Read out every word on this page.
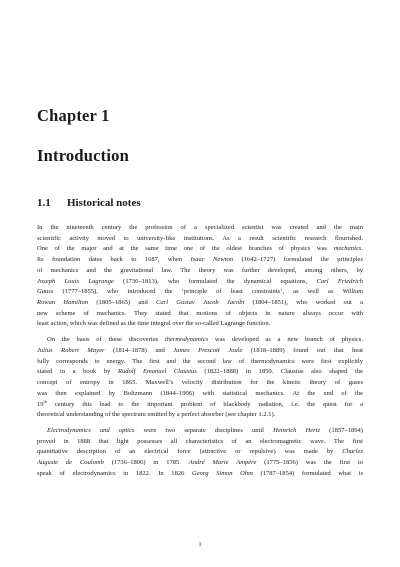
Chapter 1
Introduction
1.1 Historical notes
In the nineteenth century the profession of a specialized scientist was created and the main
scientific activity moved to university-like institutions. As a result scientific research flourished.
One of the major and at the same time one of the oldest branches of physics was mechanics.
Its foundation dates back to 1687, when Isaac Newton (1642–1727) formulated the principles
of mechanics and the gravitational law. The theory was further developed, among others, by
Joseph Louis Lagrange (1736–1813), who formulated the dynamical equations, Carl Friedrich
Gauss (1777–1855), who introduced the ‘principle of least constraints’, as well as William
Rowan Hamilton (1805–1865) and Carl Gustav Jacob Jacobi (1804–1851), who worked out a
new scheme of mechanics. They stated that motions of objects in nature always occur with
least action, which was defined as the time integral over the so-called Lagrange function.
On the basis of these discoveries thermodynamics was developed as a new branch of physics.
Julius Robert Mayer (1814–1878) and James Prescott Joule (1818–1889) found out that heat
fully corresponds to energy. The first and the second law of thermodynamics were first explicitly
stated in a book by Rudolf Emanuel Clausius (1822–1888) in 1850. Clausius also shaped the
concept of entropy in 1865. Maxwell’s velocity distribution for the kinetic theory of gases
was then explained by Boltzmann (1844–1906) with statistical mechanics. At the end of the
19th century this lead to the important problem of blackbody radiation, i.e. the quest for a
theoretical understanding of the spectrum emitted by a perfect absorber (see chapter 1.2.1).
Electrodynamics and optics were two separate disciplines until Heinrich Hertz (1857–1894)
proved in 1888 that light possesses all characteristics of an electromagnetic wave. The first
quantitative description of an electrical force (attractive or repulsive) was made by Charles
Auguste de Coulomb (1736–1806) in 1785. André Marie Ampère (1775–1836) was the first to
speak of electrodynamics in 1822. In 1826 Georg Simon Ohm (1787–1854) formulated what is
1
